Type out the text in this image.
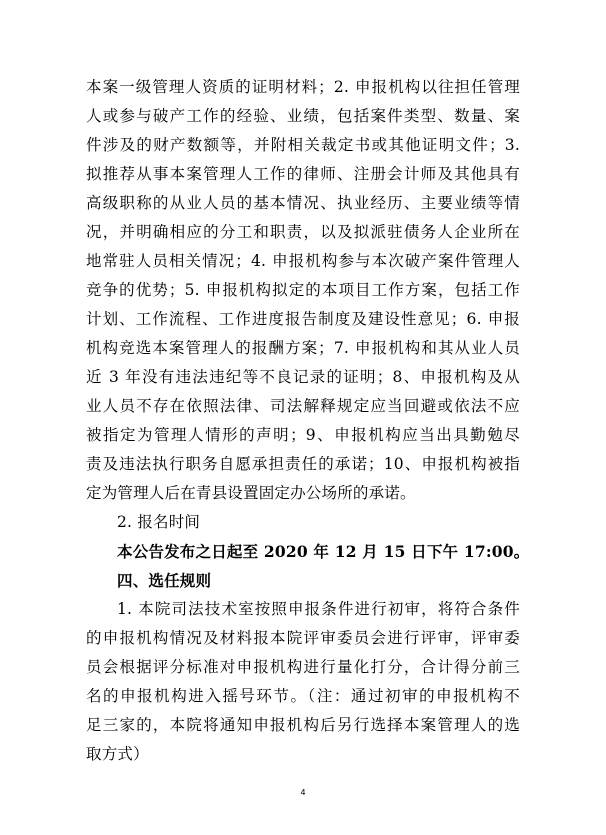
本案一级管理人资质的证明材料；2. 申报机构以往担任管理
人或参与破产工作的经验、业绩，包括案件类型、数量、案
件涉及的财产数额等，并附相关裁定书或其他证明文件；3.
拟推荐从事本案管理人工作的律师、注册会计师及其他具有
高级职称的从业人员的基本情况、执业经历、主要业绩等情
况，并明确相应的分工和职责，以及拟派驻债务人企业所在
地常驻人员相关情况；4. 申报机构参与本次破产案件管理人
竞争的优势；5. 申报机构拟定的本项目工作方案，包括工作
计划、工作流程、工作进度报告制度及建设性意见；6. 申报
机构竞选本案管理人的报酬方案；7. 申报机构和其从业人员
近 3 年没有违法违纪等不良记录的证明；8、申报机构及从
业人员不存在依照法律、司法解释规定应当回避或依法不应
被指定为管理人情形的声明；9、申报机构应当出具勤勉尽
责及违法执行职务自愿承担责任的承诺；10、申报机构被指
定为管理人后在青县设置固定办公场所的承诺。
2. 报名时间
本公告发布之日起至 2020 年 12 月 15 日下午 17:00。
四、选任规则
1. 本院司法技术室按照申报条件进行初审，将符合条件
的申报机构情况及材料报本院评审委员会进行评审，评审委
员会根据评分标准对申报机构进行量化打分，合计得分前三
名的申报机构进入摇号环节。（注：通过初审的申报机构不
足三家的，本院将通知申报机构后另行选择本案管理人的选
取方式）
4
